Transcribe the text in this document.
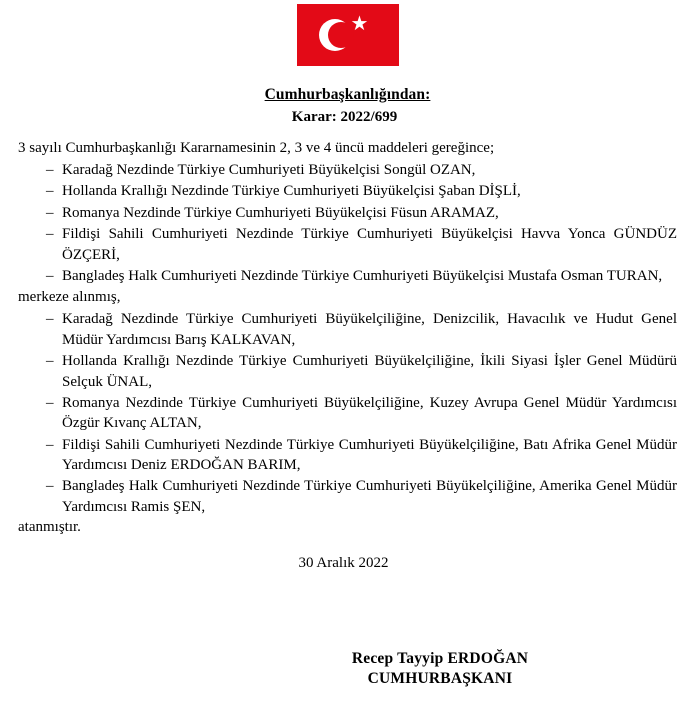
Cumhurbaşkanlığından:
Karar: 2022/699
3 sayılı Cumhurbaşkanlığı Kararnamesinin 2, 3 ve 4 üncü maddeleri gereğince;
– Karadağ Nezdinde Türkiye Cumhuriyeti Büyükelçisi Songül OZAN,
– Hollanda Krallığı Nezdinde Türkiye Cumhuriyeti Büyükelçisi Şaban DİŞLİ,
– Romanya Nezdinde Türkiye Cumhuriyeti Büyükelçisi Füsun ARAMAZ,
– Fildişi Sahili Cumhuriyeti Nezdinde Türkiye Cumhuriyeti Büyükelçisi Havva Yonca GÜNDÜZ ÖZÇERİ,
– Bangladeş Halk Cumhuriyeti Nezdinde Türkiye Cumhuriyeti Büyükelçisi Mustafa Osman TURAN,
merkeze alınmış,
– Karadağ Nezdinde Türkiye Cumhuriyeti Büyükelçiliğine, Denizcilik, Havacılık ve Hudut Genel Müdür Yardımcısı Barış KALKAVAN,
– Hollanda Krallığı Nezdinde Türkiye Cumhuriyeti Büyükelçiliğine, İkili Siyasi İşler Genel Müdürü Selçuk ÜNAL,
– Romanya Nezdinde Türkiye Cumhuriyeti Büyükelçiliğine, Kuzey Avrupa Genel Müdür Yardımcısı Özgür Kıvanç ALTAN,
– Fildişi Sahili Cumhuriyeti Nezdinde Türkiye Cumhuriyeti Büyükelçiliğine, Batı Afrika Genel Müdür Yardımcısı Deniz ERDOĞAN BARIM,
– Bangladeş Halk Cumhuriyeti Nezdinde Türkiye Cumhuriyeti Büyükelçiliğine, Amerika Genel Müdür Yardımcısı Ramis ŞEN,
atanmıştır.
30 Aralık 2022
Recep Tayyip ERDOĞAN
CUMHURBAŞKANI
